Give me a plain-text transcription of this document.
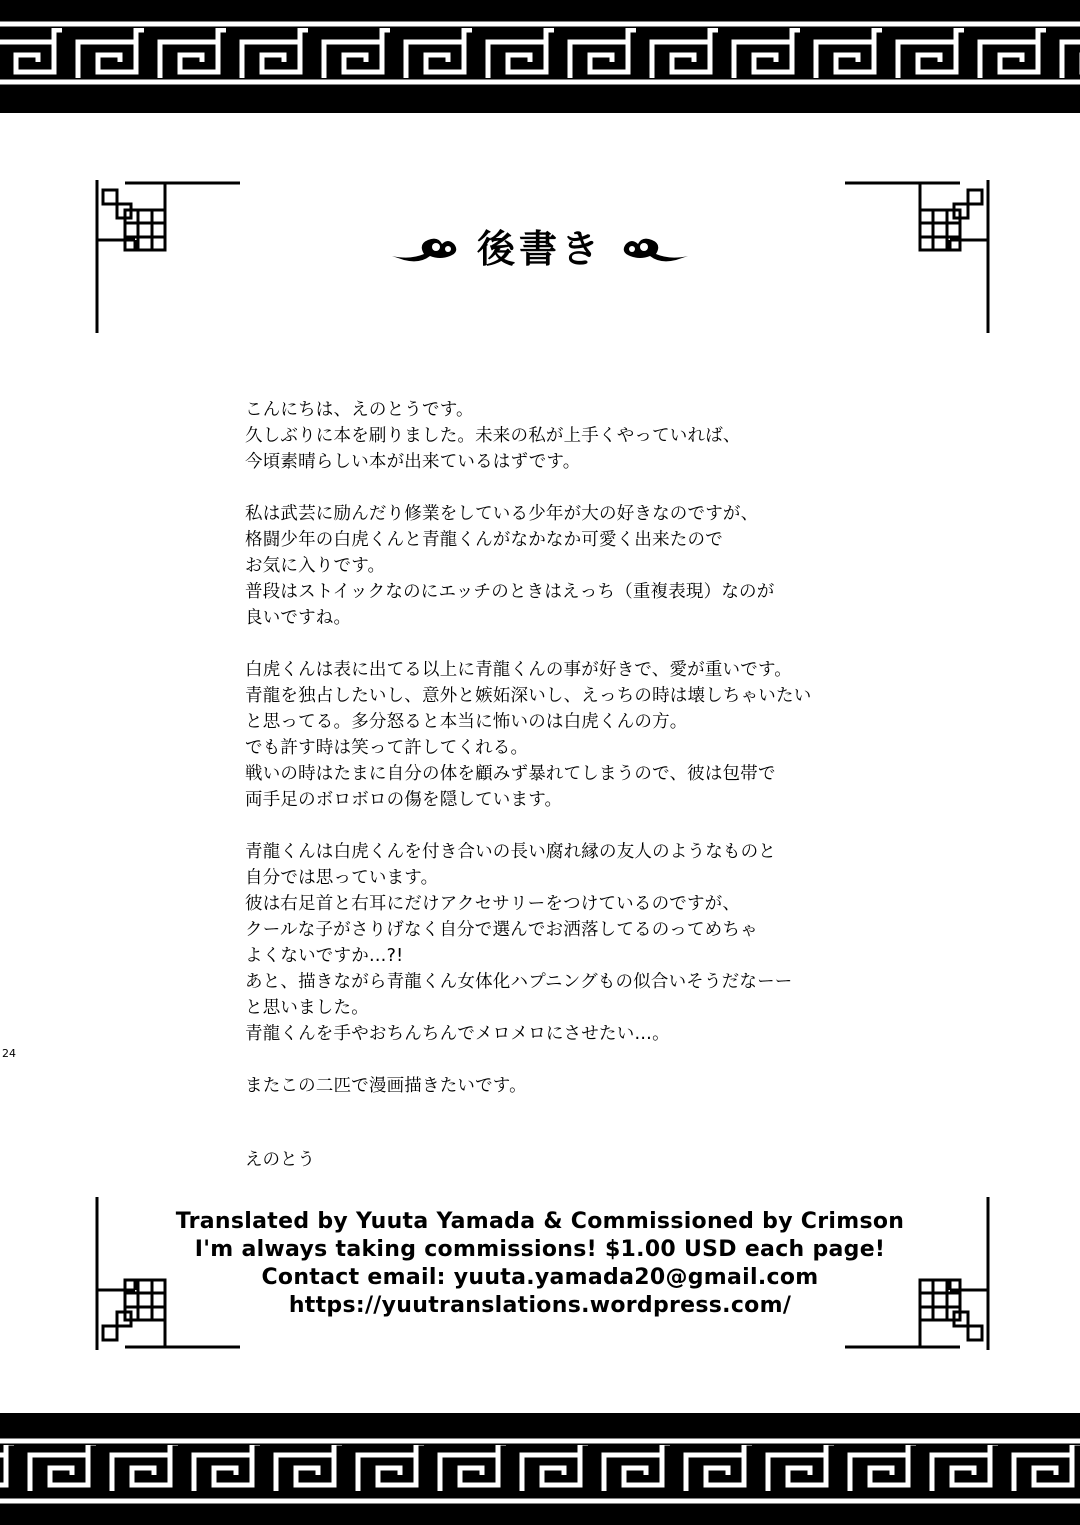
後書き
こんにちは、えのとうです。
久しぶりに本を刷りました。未来の私が上手くやっていれば、
今頃素晴らしい本が出来ているはずです。
私は武芸に励んだり修業をしている少年が大の好きなのですが、
格闘少年の白虎くんと青龍くんがなかなか可愛く出来たので
お気に入りです。
普段はストイックなのにエッチのときはえっち（重複表現）なのが
良いですね。
白虎くんは表に出てる以上に青龍くんの事が好きで、愛が重いです。
青龍を独占したいし、意外と嫉妬深いし、えっちの時は壊しちゃいたい
と思ってる。多分怒ると本当に怖いのは白虎くんの方。
でも許す時は笑って許してくれる。
戦いの時はたまに自分の体を顧みず暴れてしまうので、彼は包帯で
両手足のボロボロの傷を隠しています。
青龍くんは白虎くんを付き合いの長い腐れ縁の友人のようなものと
自分では思っています。
彼は右足首と右耳にだけアクセサリーをつけているのですが、
クールな子がさりげなく自分で選んでお洒落してるのってめちゃ
よくないですか…?!
あと、描きながら青龍くん女体化ハプニングもの似合いそうだなーー
と思いました。
青龍くんを手やおちんちんでメロメロにさせたい…。
またこの二匹で漫画描きたいです。
えのとう
Translated by Yuuta Yamada & Commissioned by Crimson
I'm always taking commissions! $1.00 USD each page!
Contact email: yuuta.yamada20@gmail.com
https://yuutranslations.wordpress.com/
24
